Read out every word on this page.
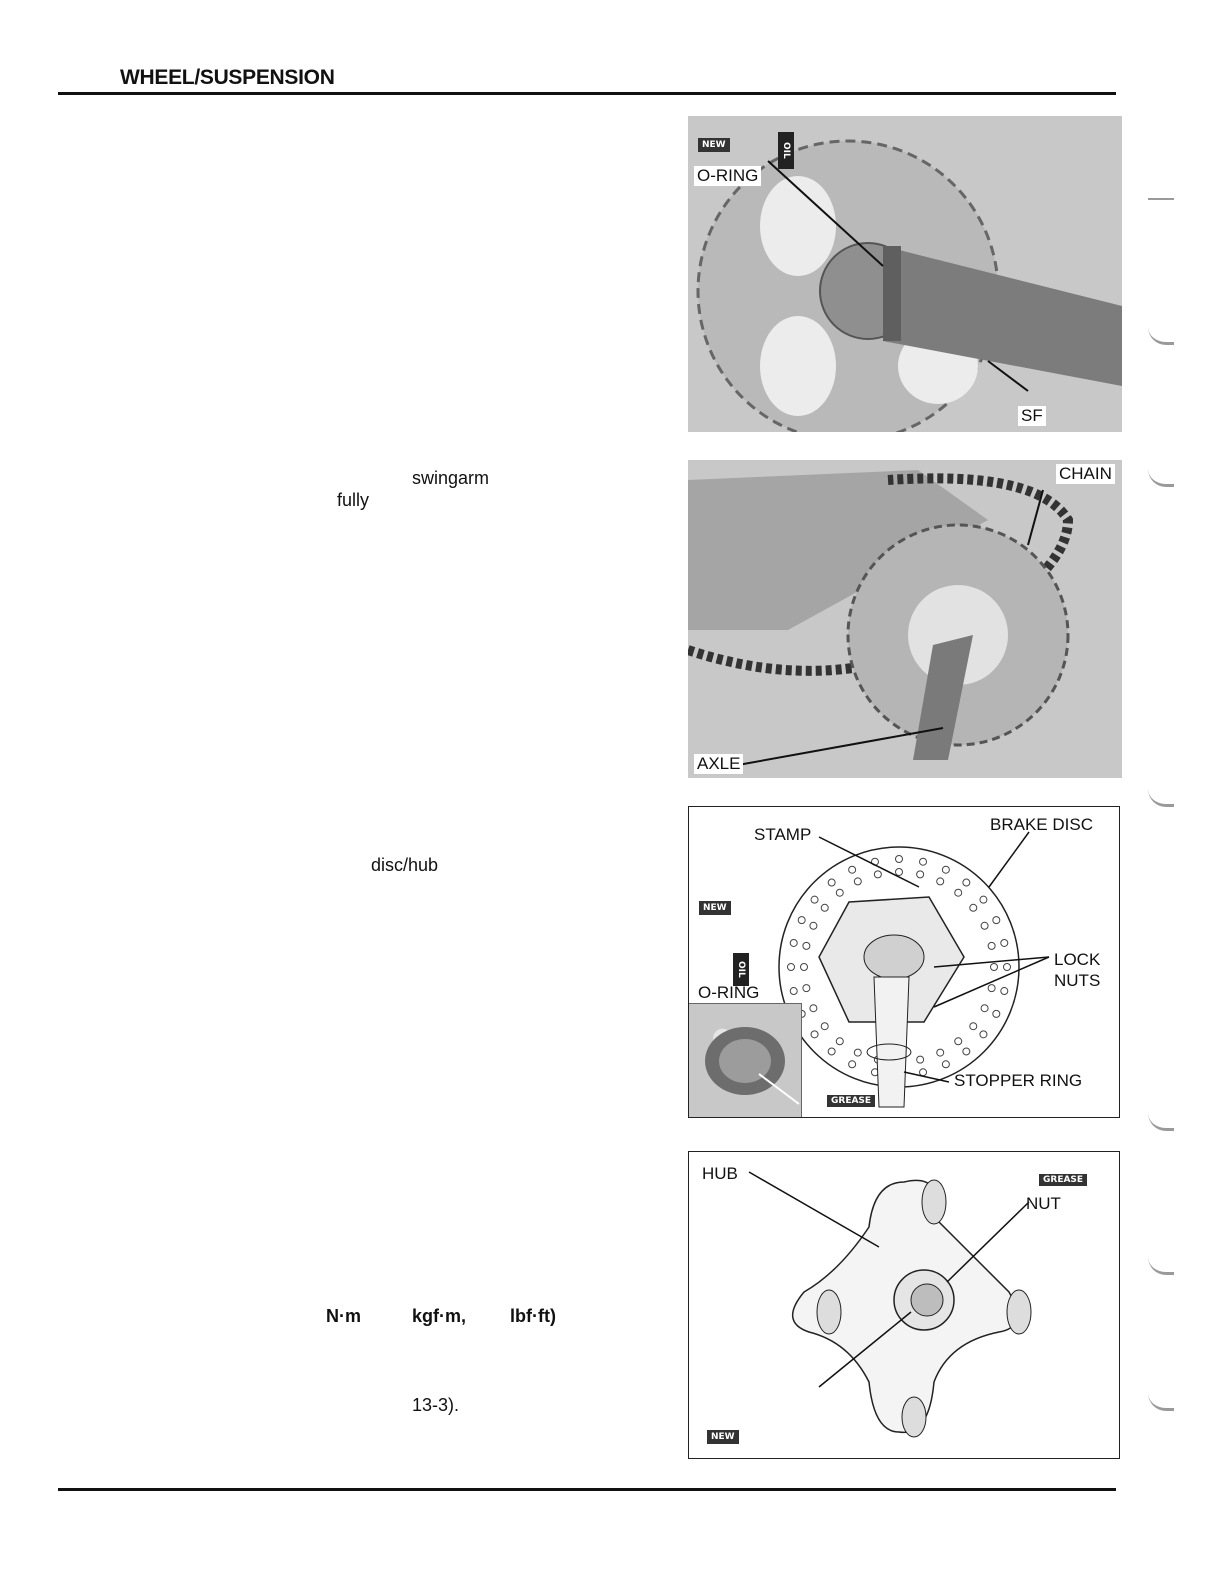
WHEEL/SUSPENSION
swingarm
fully
disc/hub
N·m	kgf·m, lbf·ft)
13-3).
NEW	OIL
O-RING
SF
CHAIN
AXLE
NEW
OIL
STAMP
BRAKE DISC
LOCK
NUTS
O-RING
STOPPER RING
GREASE
HUB
NUT
GREASE
NEW
